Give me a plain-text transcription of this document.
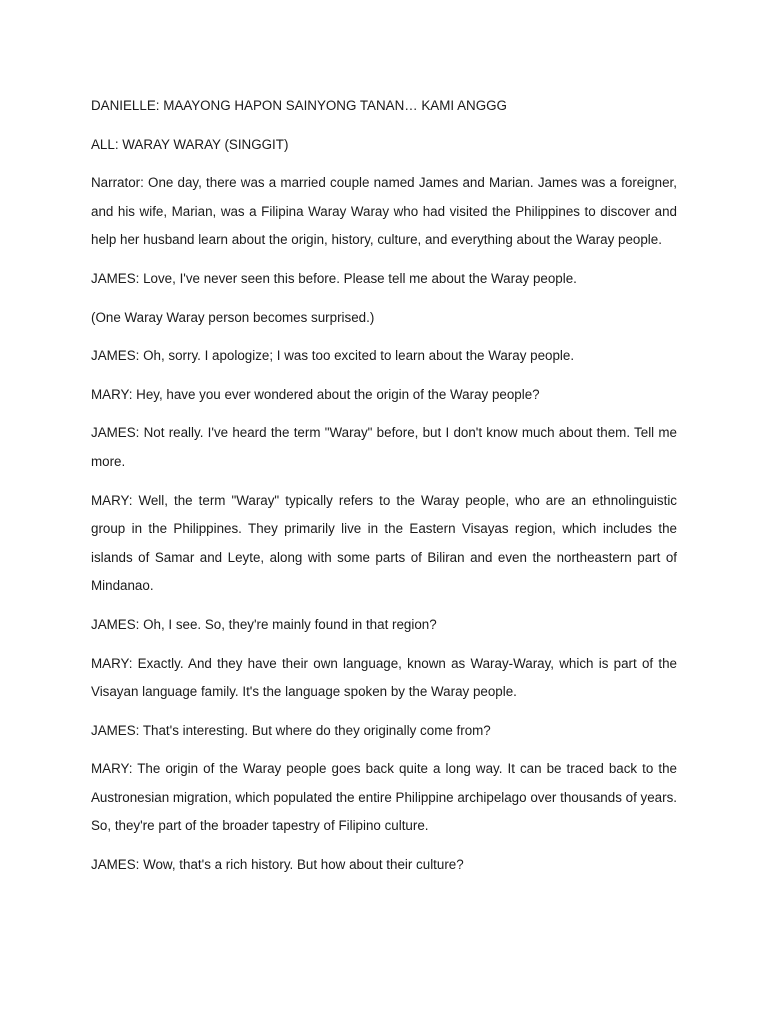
DANIELLE: MAAYONG HAPON SAINYONG TANAN… KAMI ANGGG

ALL: WARAY WARAY (SINGGIT)

Narrator: One day, there was a married couple named James and Marian. James was a foreigner, and his wife, Marian, was a Filipina Waray Waray who had visited the Philippines to discover and help her husband learn about the origin, history, culture, and everything about the Waray people.

JAMES: Love, I've never seen this before. Please tell me about the Waray people.

(One Waray Waray person becomes surprised.)

JAMES: Oh, sorry. I apologize; I was too excited to learn about the Waray people.

MARY: Hey, have you ever wondered about the origin of the Waray people?

JAMES: Not really. I've heard the term "Waray" before, but I don't know much about them. Tell me more.

MARY: Well, the term "Waray" typically refers to the Waray people, who are an ethnolinguistic group in the Philippines. They primarily live in the Eastern Visayas region, which includes the islands of Samar and Leyte, along with some parts of Biliran and even the northeastern part of Mindanao.

JAMES: Oh, I see. So, they're mainly found in that region?

MARY: Exactly. And they have their own language, known as Waray-Waray, which is part of the Visayan language family. It's the language spoken by the Waray people.

JAMES: That's interesting. But where do they originally come from?

MARY: The origin of the Waray people goes back quite a long way. It can be traced back to the Austronesian migration, which populated the entire Philippine archipelago over thousands of years. So, they're part of the broader tapestry of Filipino culture.

JAMES: Wow, that's a rich history. But how about their culture?
